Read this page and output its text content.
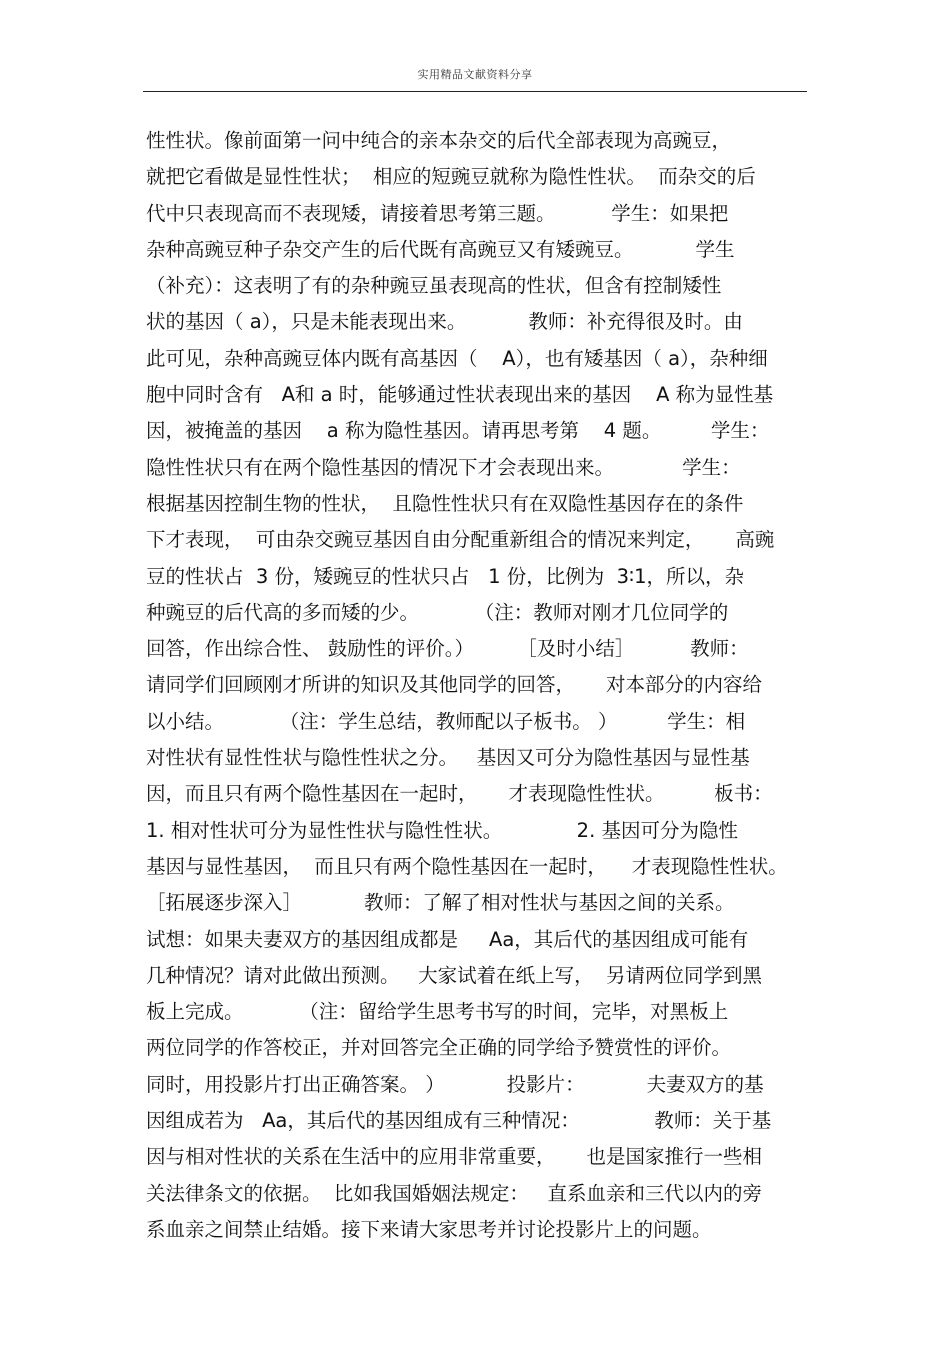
实用精品文献资料分享
性性状。像前面第一问中纯合的亲本杂交的后代全部表现为高豌豆，
就把它看做是显性性状；  相应的短豌豆就称为隐性性状。  而杂交的后
代中只表现高而不表现矮，请接着思考第三题。         学生：如果把
杂种高豌豆种子杂交产生的后代既有高豌豆又有矮豌豆。          学生
（补充）：这表明了有的杂种豌豆虽表现高的性状，但含有控制矮性
状的基因（ a），只是未能表现出来。          教师：补充得很及时。由
此可见，杂种高豌豆体内既有高基因（    A），也有矮基因（ a），杂种细
胞中同时含有   A和 a 时，能够通过性状表现出来的基因    A 称为显性基
因，被掩盖的基因    a 称为隐性基因。请再思考第    4 题。        学生：
隐性性状只有在两个隐性基因的情况下才会表现出来。           学生：
根据基因控制生物的性状，  且隐性性状只有在双隐性基因存在的条件
下才表现，  可由杂交豌豆基因自由分配重新组合的情况来判定，     高豌
豆的性状占  3 份，矮豌豆的性状只占   1 份，比例为  3∶1，所以，杂
种豌豆的后代高的多而矮的少。         （注：教师对刚才几位同学的
回答，作出综合性、 鼓励性的评价。）       ［及时小结］         教师：
请同学们回顾刚才所讲的知识及其他同学的回答，     对本部分的内容给
以小结。         （注：学生总结，教师配以子板书。 ）        学生：相
对性状有显性性状与隐性性状之分。   基因又可分为隐性基因与显性基
因，而且只有两个隐性基因在一起时，     才表现隐性性状。        板书：
1. 相对性状可分为显性性状与隐性性状。            2. 基因可分为隐性
基因与显性基因，  而且只有两个隐性基因在一起时，    才表现隐性性状。
［拓展逐步深入］          教师：了解了相对性状与基因之间的关系。
试想：如果夫妻双方的基因组成都是     Aa，其后代的基因组成可能有
几种情况？请对此做出预测。   大家试着在纸上写，  另请两位同学到黑
板上完成。         （注：留给学生思考书写的时间，完毕，对黑板上
两位同学的作答校正，并对回答完全正确的同学给予赞赏性的评价。
同时，用投影片打出正确答案。 ）          投影片：          夫妻双方的基
因组成若为   Aa，其后代的基因组成有三种情况：            教师：关于基
因与相对性状的关系在生活中的应用非常重要，     也是国家推行一些相
关法律条文的依据。  比如我国婚姻法规定：   直系血亲和三代以内的旁
系血亲之间禁止结婚。接下来请大家思考并讨论投影片上的问题。
